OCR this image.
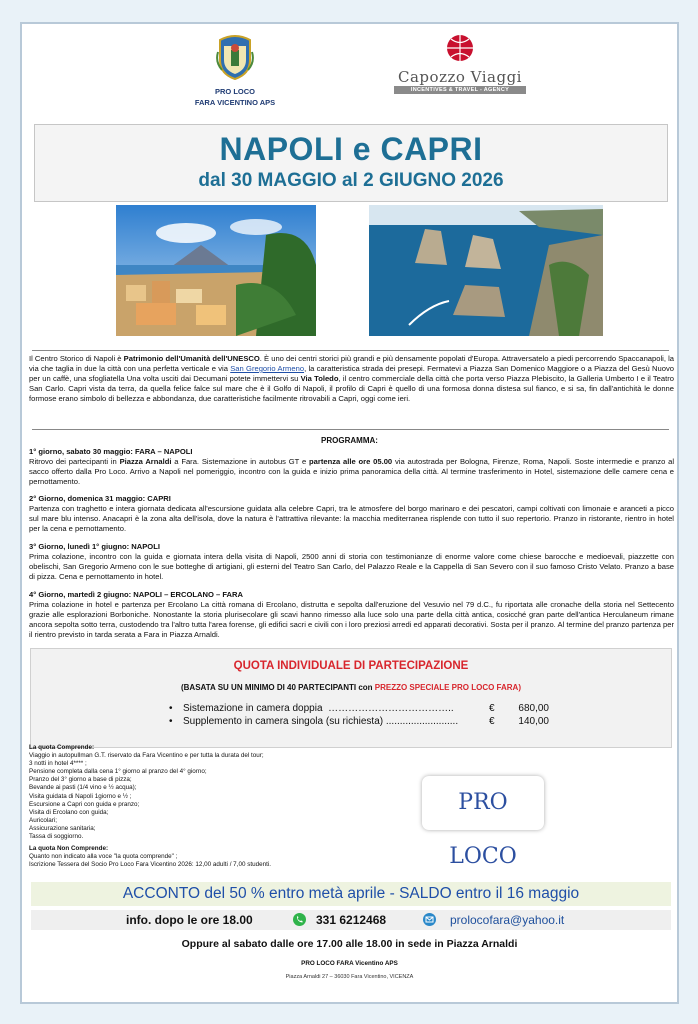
PRO LOCO
FARA VICENTINO APS
Capozzo Viaggi
INCENTIVES & TRAVEL - AGENCY
NAPOLI e CAPRI
dal 30 MAGGIO al 2 GIUGNO 2026
Il Centro Storico di Napoli è Patrimonio dell'Umanità dell'UNESCO. È uno dei centri storici più grandi e più densamente popolati d'Europa. Attraversatelo a piedi percorrendo Spaccanapoli, la via che taglia in due la città con una perfetta verticale e via San Gregorio Armeno, la caratteristica strada dei presepi. Fermatevi a Piazza San Domenico Maggiore o a Piazza del Gesù Nuovo per un caffè, una sfogliatella Una volta usciti dai Decumani potete immettervi su Via Toledo, il centro commerciale della città che porta verso Piazza Plebiscito, la Galleria Umberto I e il Teatro San Carlo. Capri vista da terra, da quella felice falce sul mare che è il Golfo di Napoli, il profilo di Capri è quello di una formosa donna distesa sul fianco, e si sa, fin dall'antichità le donne formose erano simbolo di bellezza e abbondanza, due caratteristiche facilmente ritrovabili a Capri, oggi come ieri.
PROGRAMMA:
1° giorno, sabato 30 maggio: FARA – NAPOLI
Ritrovo dei partecipanti in Piazza Arnaldi a Fara. Sistemazione in autobus GT e partenza alle ore 05.00 via autostrada per Bologna, Firenze, Roma, Napoli. Soste intermedie e pranzo al sacco offerto dalla Pro Loco. Arrivo a Napoli nel pomeriggio, incontro con la guida e inizio prima panoramica della città. Al termine trasferimento in Hotel, sistemazione delle camere cena e pernottamento.
2° Giorno, domenica 31 maggio: CAPRI
Partenza con traghetto e intera giornata dedicata all'escursione guidata alla celebre Capri, tra le atmosfere del borgo marinaro e dei pescatori, campi coltivati con limonaie e aranceti a picco sul mare blu intenso. Anacapri è la zona alta dell'isola, dove la natura è l'attrattiva rilevante: la macchia mediterranea risplende con tutto il suo repertorio. Pranzo in ristorante, rientro in hotel per la cena e pernottamento.
3° Giorno, lunedì 1° giugno: NAPOLI
Prima colazione, incontro con la guida e giornata intera della visita di Napoli, 2500 anni di storia con testimonianze di enorme valore come chiese barocche e medioevali, piazzette con obelischi, San Gregorio Armeno con le sue botteghe di artigiani, gli esterni del Teatro San Carlo, del Palazzo Reale e la Cappella di San Severo con il suo famoso Cristo Velato. Pranzo a base di pizza. Cena e pernottamento in hotel.
4° Giorno, martedì 2 giugno: NAPOLI – ERCOLANO – FARA
Prima colazione in hotel e partenza per Ercolano La città romana di Ercolano, distrutta e sepolta dall'eruzione del Vesuvio nel 79 d.C., fu riportata alle cronache della storia nel Settecento grazie alle esplorazioni Borboniche. Nonostante la storia plurisecolare gli scavi hanno rimesso alla luce solo una parte della città antica, cosicché gran parte dell'antica Herculaneum rimane ancora sepolta sotto terra, custodendo tra l'altro tutta l'area forense, gli edifici sacri e civili con i loro preziosi arredi ed apparati decorativi. Sosta per il pranzo. Al termine del pranzo partenza per il rientro previsto in tarda serata a Fara in Piazza Arnaldi.
QUOTA INDIVIDUALE DI PARTECIPAZIONE
(BASATA SU UN MINIMO DI 40 PARTECIPANTI con PREZZO SPECIALE PRO LOCO FARA)
• Sistemazione in camera doppia  ………………………………..	€ 680,00
• Supplemento in camera singola (su richiesta) ..........................	€ 140,00
La quota Comprende:
Viaggio in autopullman G.T. riservato da Fara Vicentino e per tutta la durata del tour;
3 notti in hotel 4**** ;
Pensione completa dalla cena 1° giorno al pranzo del 4° giorno;
Pranzo del 3° giorno a base di pizza;
Bevande ai pasti (1/4 vino e ½ acqua);
Visita guidata di Napoli 1giorno e ½ ;
Escursione a Capri con guida e pranzo;
Visita di Ercolano con guida;
Auricolari;
Assicurazione sanitaria;
Tassa di soggiorno.
La quota Non Comprende:
Quanto non indicato alla voce "la quota comprende" ;
Iscrizione Tessera del Socio Pro Loco Fara Vicentino 2026: 12,00 adulti / 7,00 studenti.
PRO LOCO
ACCONTO del 50 % entro metà aprile - SALDO entro il 16 maggio
info. dopo le ore 18.00	331 6212468	prolocofara@yahoo.it
Oppure al sabato dalle ore 17.00 alle 18.00 in sede in Piazza Arnaldi
PRO LOCO FARA Vicentino APS
Piazza Arnaldi 27 – 36030 Fara Vicentino, VICENZA
